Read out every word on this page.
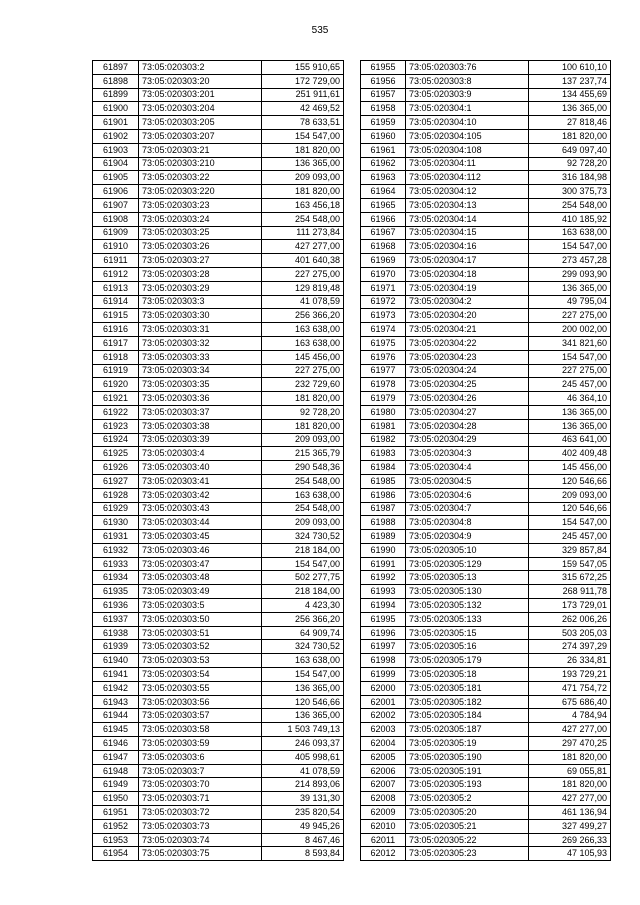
535
61897	73:05:020303:2	155 910,65
61898	73:05:020303:20	172 729,00
61899	73:05:020303:201	251 911,61
61900	73:05:020303:204	42 469,52
61901	73:05:020303:205	78 633,51
61902	73:05:020303:207	154 547,00
61903	73:05:020303:21	181 820,00
61904	73:05:020303:210	136 365,00
61905	73:05:020303:22	209 093,00
61906	73:05:020303:220	181 820,00
61907	73:05:020303:23	163 456,18
61908	73:05:020303:24	254 548,00
61909	73:05:020303:25	111 273,84
61910	73:05:020303:26	427 277,00
61911	73:05:020303:27	401 640,38
61912	73:05:020303:28	227 275,00
61913	73:05:020303:29	129 819,48
61914	73:05:020303:3	41 078,59
61915	73:05:020303:30	256 366,20
61916	73:05:020303:31	163 638,00
61917	73:05:020303:32	163 638,00
61918	73:05:020303:33	145 456,00
61919	73:05:020303:34	227 275,00
61920	73:05:020303:35	232 729,60
61921	73:05:020303:36	181 820,00
61922	73:05:020303:37	92 728,20
61923	73:05:020303:38	181 820,00
61924	73:05:020303:39	209 093,00
61925	73:05:020303:4	215 365,79
61926	73:05:020303:40	290 548,36
61927	73:05:020303:41	254 548,00
61928	73:05:020303:42	163 638,00
61929	73:05:020303:43	254 548,00
61930	73:05:020303:44	209 093,00
61931	73:05:020303:45	324 730,52
61932	73:05:020303:46	218 184,00
61933	73:05:020303:47	154 547,00
61934	73:05:020303:48	502 277,75
61935	73:05:020303:49	218 184,00
61936	73:05:020303:5	4 423,30
61937	73:05:020303:50	256 366,20
61938	73:05:020303:51	64 909,74
61939	73:05:020303:52	324 730,52
61940	73:05:020303:53	163 638,00
61941	73:05:020303:54	154 547,00
61942	73:05:020303:55	136 365,00
61943	73:05:020303:56	120 546,66
61944	73:05:020303:57	136 365,00
61945	73:05:020303:58	1 503 749,13
61946	73:05:020303:59	246 093,37
61947	73:05:020303:6	405 998,61
61948	73:05:020303:7	41 078,59
61949	73:05:020303:70	214 893,06
61950	73:05:020303:71	39 131,30
61951	73:05:020303:72	235 820,54
61952	73:05:020303:73	49 945,26
61953	73:05:020303:74	8 467,46
61954	73:05:020303:75	8 593,84
61955	73:05:020303:76	100 610,10
61956	73:05:020303:8	137 237,74
61957	73:05:020303:9	134 455,69
61958	73:05:020304:1	136 365,00
61959	73:05:020304:10	27 818,46
61960	73:05:020304:105	181 820,00
61961	73:05:020304:108	649 097,40
61962	73:05:020304:11	92 728,20
61963	73:05:020304:112	316 184,98
61964	73:05:020304:12	300 375,73
61965	73:05:020304:13	254 548,00
61966	73:05:020304:14	410 185,92
61967	73:05:020304:15	163 638,00
61968	73:05:020304:16	154 547,00
61969	73:05:020304:17	273 457,28
61970	73:05:020304:18	299 093,90
61971	73:05:020304:19	136 365,00
61972	73:05:020304:2	49 795,04
61973	73:05:020304:20	227 275,00
61974	73:05:020304:21	200 002,00
61975	73:05:020304:22	341 821,60
61976	73:05:020304:23	154 547,00
61977	73:05:020304:24	227 275,00
61978	73:05:020304:25	245 457,00
61979	73:05:020304:26	46 364,10
61980	73:05:020304:27	136 365,00
61981	73:05:020304:28	136 365,00
61982	73:05:020304:29	463 641,00
61983	73:05:020304:3	402 409,48
61984	73:05:020304:4	145 456,00
61985	73:05:020304:5	120 546,66
61986	73:05:020304:6	209 093,00
61987	73:05:020304:7	120 546,66
61988	73:05:020304:8	154 547,00
61989	73:05:020304:9	245 457,00
61990	73:05:020305:10	329 857,84
61991	73:05:020305:129	159 547,05
61992	73:05:020305:13	315 672,25
61993	73:05:020305:130	268 911,78
61994	73:05:020305:132	173 729,01
61995	73:05:020305:133	262 006,26
61996	73:05:020305:15	503 205,03
61997	73:05:020305:16	274 397,29
61998	73:05:020305:179	26 334,81
61999	73:05:020305:18	193 729,21
62000	73:05:020305:181	471 754,72
62001	73:05:020305:182	675 686,40
62002	73:05:020305:184	4 784,94
62003	73:05:020305:187	427 277,00
62004	73:05:020305:19	297 470,25
62005	73:05:020305:190	181 820,00
62006	73:05:020305:191	69 055,81
62007	73:05:020305:193	181 820,00
62008	73:05:020305:2	427 277,00
62009	73:05:020305:20	461 136,94
62010	73:05:020305:21	327 499,27
62011	73:05:020305:22	269 266,33
62012	73:05:020305:23	47 105,93
